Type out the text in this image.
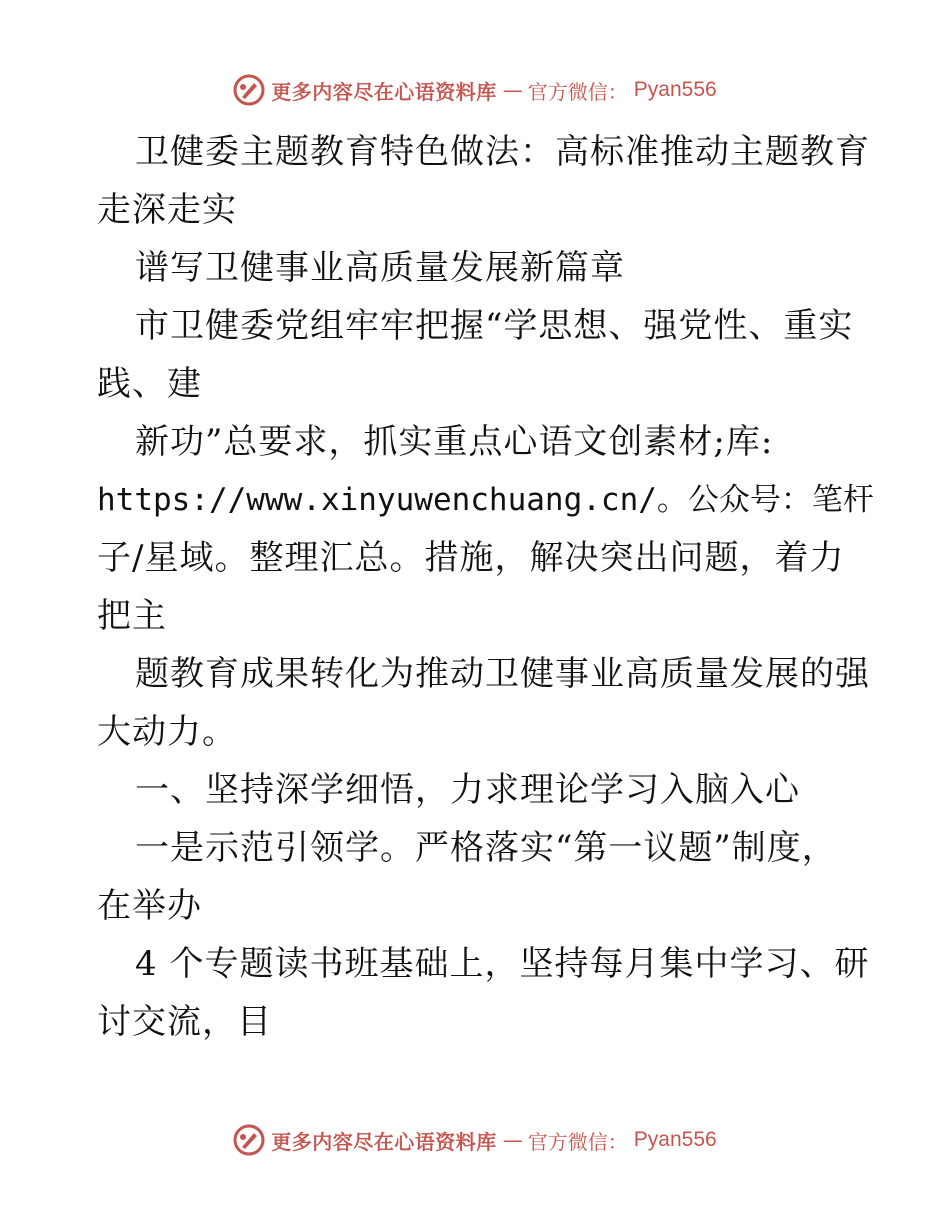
更多内容尽在心语资料库 — 官方微信： Pyan556
卫健委主题教育特色做法：高标准推动主题教育
走深走实
谱写卫健事业高质量发展新篇章
市卫健委党组牢牢把握“学思想、强党性、重实
践、建
新功”总要求，抓实重点心语文创素材;库:
https://www.xinyuwenchuang.cn/。公众号：笔杆
子/星域。整理汇总。措施，解决突出问题，着力
把主
题教育成果转化为推动卫健事业高质量发展的强
大动力。
一、坚持深学细悟，力求理论学习入脑入心
一是示范引领学。严格落实“第一议题”制度，
在举办
4 个专题读书班基础上，坚持每月集中学习、研
讨交流，目
更多内容尽在心语资料库 — 官方微信： Pyan556
